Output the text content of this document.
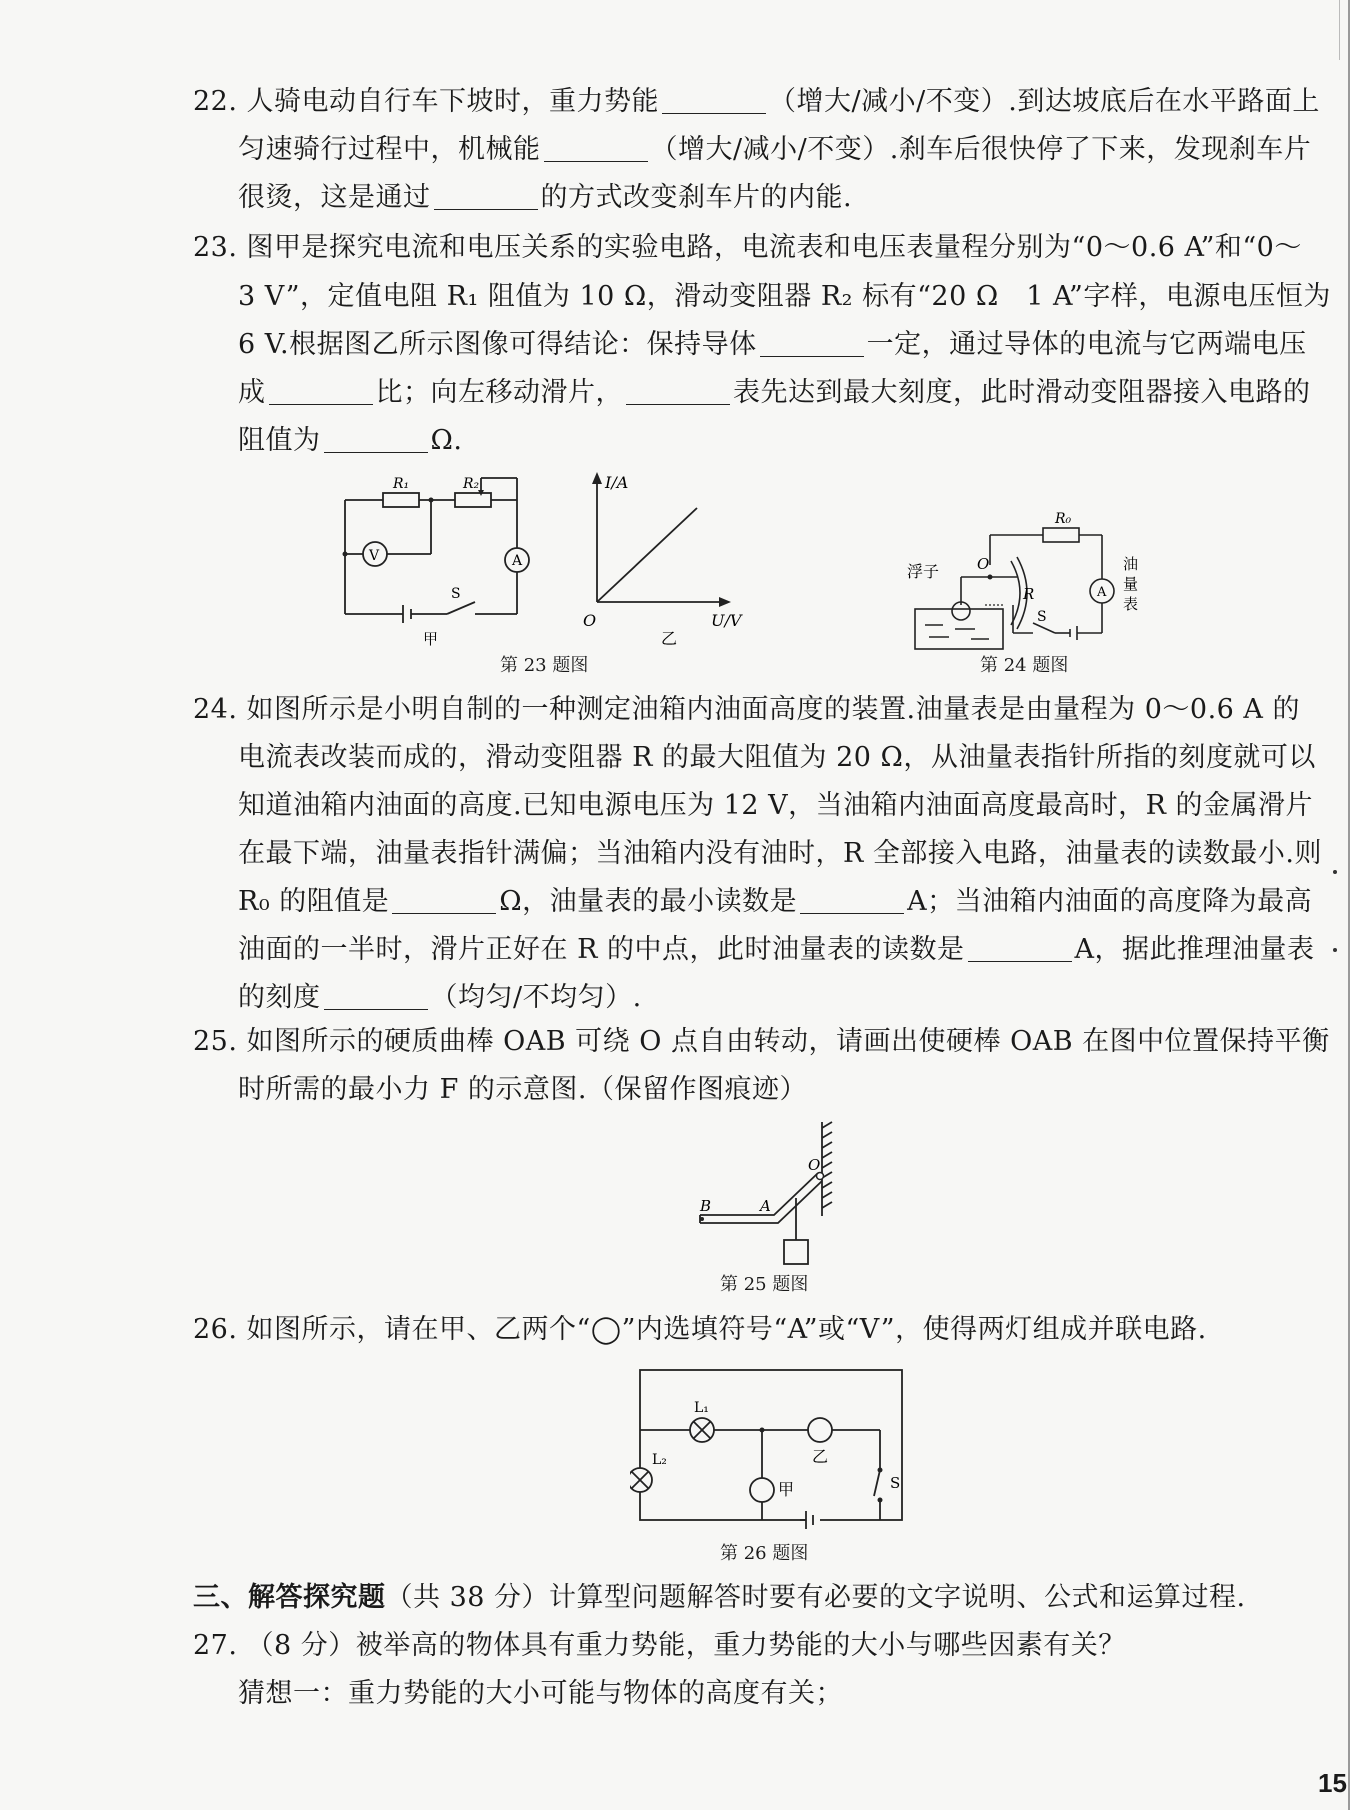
22. 人骑电动自行车下坡时，重力势能	（增大/减小/不变）.到达坡底后在水平路面上
匀速骑行过程中，机械能	（增大/减小/不变）.刹车后很快停了下来，发现刹车片
很烫，这是通过	的方式改变刹车片的内能.
23. 图甲是探究电流和电压关系的实验电路，电流表和电压表量程分别为“0～0.6 A”和“0～
3 V”，定值电阻 R₁ 阻值为 10 Ω，滑动变阻器 R₂ 标有“20 Ω　1 A”字样，电源电压恒为
6 V.根据图乙所示图像可得结论：保持导体	一定，通过导体的电流与它两端电压
成	比；向左移动滑片，	表先达到最大刻度，此时滑动变阻器接入电路的
阻值为	Ω.
R₁	R₂
V	A
S
甲
I/A
U/V
O
乙
第 23 题图
R₀
浮子	O
R	A
S
油
量
表
第 24 题图
24. 如图所示是小明自制的一种测定油箱内油面高度的装置.油量表是由量程为 0～0.6 A 的
电流表改装而成的，滑动变阻器 R 的最大阻值为 20 Ω，从油量表指针所指的刻度就可以
知道油箱内油面的高度.已知电源电压为 12 V，当油箱内油面高度最高时，R 的金属滑片
在最下端，油量表指针满偏；当油箱内没有油时，R 全部接入电路，油量表的读数最小.则
R₀ 的阻值是	Ω，油量表的最小读数是	A；当油箱内油面的高度降为最高
油面的一半时，滑片正好在 R 的中点，此时油量表的读数是	A，据此推理油量表
的刻度	（均匀/不均匀）.
25. 如图所示的硬质曲棒 OAB 可绕 O 点自由转动，请画出使硬棒 OAB 在图中位置保持平衡
时所需的最小力 F 的示意图.（保留作图痕迹）
O
A
B
第 25 题图
26. 如图所示，请在甲、乙两个“◯”内选填符号“A”或“V”，使得两灯组成并联电路.
L₁
L₂
甲
乙
S
第 26 题图
三、解答探究题（共 38 分）计算型问题解答时要有必要的文字说明、公式和运算过程.
27. （8 分）被举高的物体具有重力势能，重力势能的大小与哪些因素有关？
猜想一：重力势能的大小可能与物体的高度有关；
15
